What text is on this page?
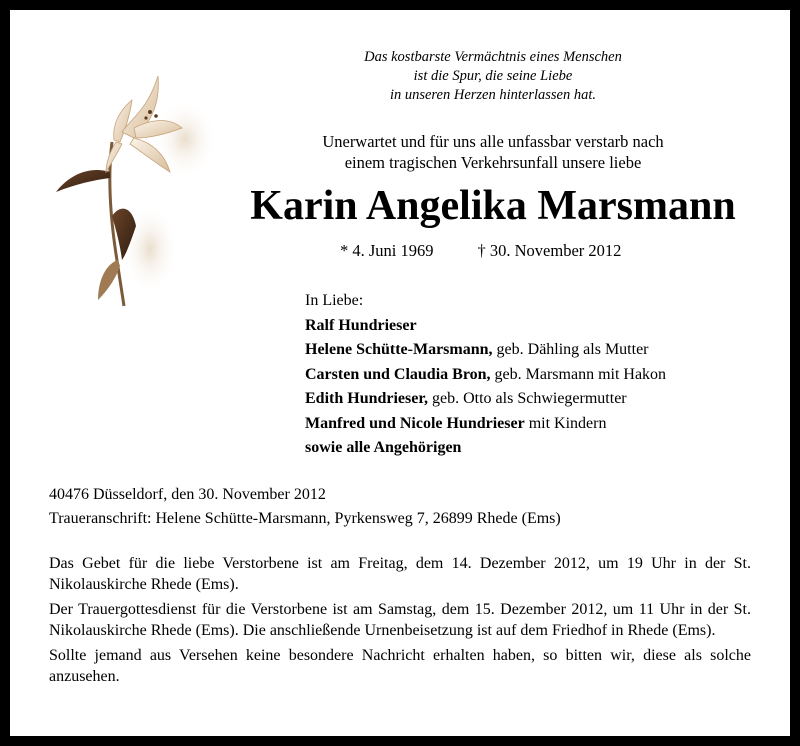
Das kostbarste Vermächtnis eines Menschen
ist die Spur, die seine Liebe
in unseren Herzen hinterlassen hat.
Unerwartet und für uns alle unfassbar verstarb nach
einem tragischen Verkehrsunfall unsere liebe
Karin Angelika Marsmann
* 4. Juni 1969	† 30. November 2012
In Liebe:
Ralf Hundrieser
Helene Schütte-Marsmann, geb. Dähling als Mutter
Carsten und Claudia Bron, geb. Marsmann mit Hakon
Edith Hundrieser, geb. Otto als Schwiegermutter
Manfred und Nicole Hundrieser mit Kindern
sowie alle Angehörigen
40476 Düsseldorf, den 30. November 2012
Traueranschrift: Helene Schütte-Marsmann, Pyrkensweg 7, 26899 Rhede (Ems)

Das Gebet für die liebe Verstorbene ist am Freitag, dem 14. Dezember 2012, um 19 Uhr in der St. Nikolauskirche Rhede (Ems).

Der Trauergottesdienst für die Verstorbene ist am Samstag, dem 15. Dezember 2012, um 11 Uhr in der St. Nikolauskirche Rhede (Ems). Die anschließende Urnenbeisetzung ist auf dem Friedhof in Rhede (Ems).

Sollte jemand aus Versehen keine besondere Nachricht erhalten haben, so bitten wir, diese als solche anzusehen.
